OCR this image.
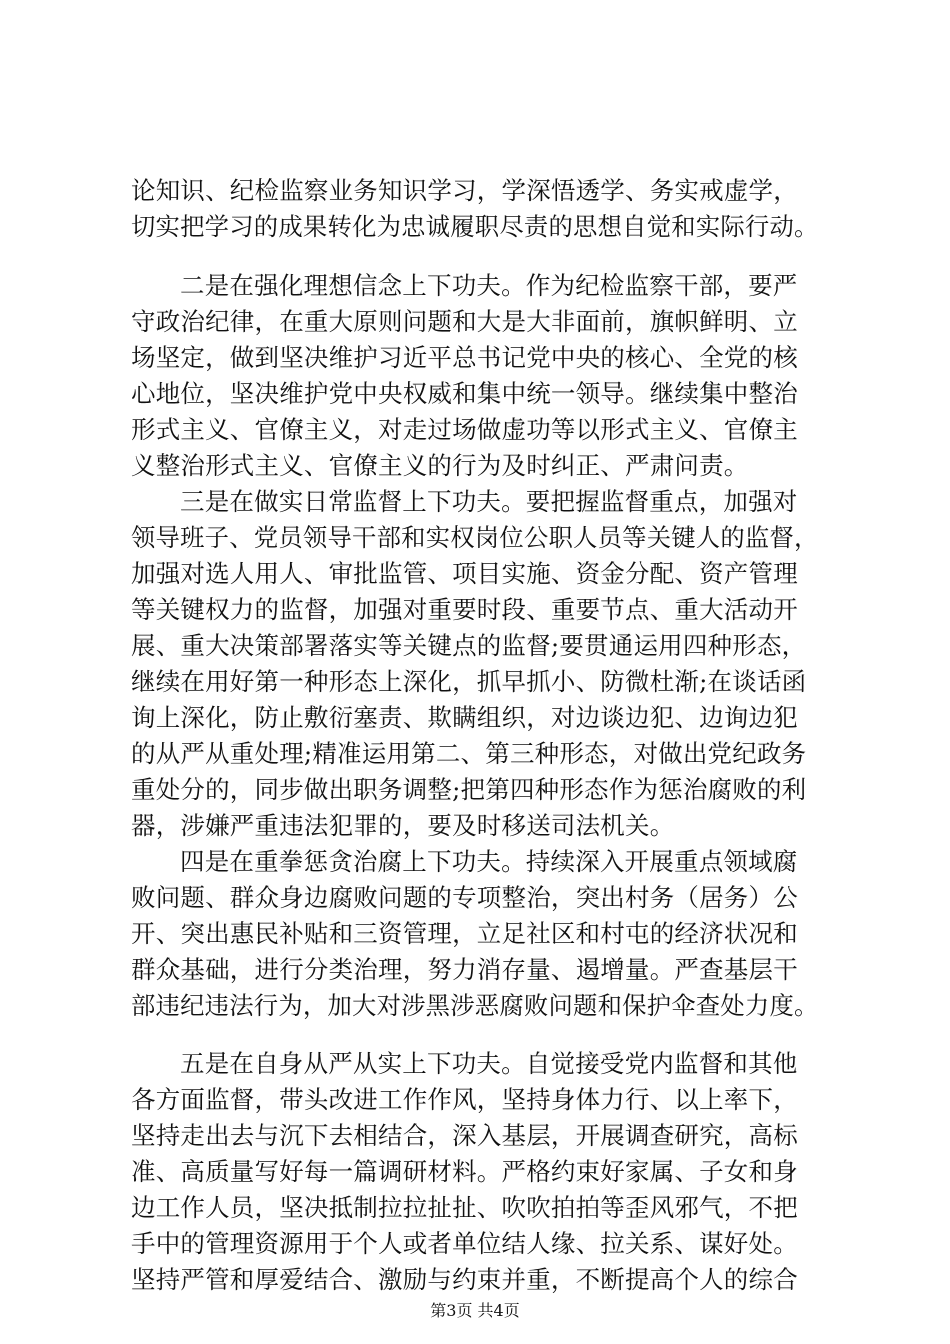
论知识、纪检监察业务知识学习，学深悟透学、务实戒虚学，
切实把学习的成果转化为忠诚履职尽责的思想自觉和实际行动。
二是在强化理想信念上下功夫。作为纪检监察干部，要严
守政治纪律，在重大原则问题和大是大非面前，旗帜鲜明、立
场坚定，做到坚决维护习近平总书记党中央的核心、全党的核
心地位，坚决维护党中央权威和集中统一领导。继续集中整治
形式主义、官僚主义，对走过场做虚功等以形式主义、官僚主
义整治形式主义、官僚主义的行为及时纠正、严肃问责。
三是在做实日常监督上下功夫。要把握监督重点，加强对
领导班子、党员领导干部和实权岗位公职人员等关键人的监督，
加强对选人用人、审批监管、项目实施、资金分配、资产管理
等关键权力的监督，加强对重要时段、重要节点、重大活动开
展、重大决策部署落实等关键点的监督;要贯通运用四种形态，
继续在用好第一种形态上深化，抓早抓小、防微杜渐;在谈话函
询上深化，防止敷衍塞责、欺瞒组织，对边谈边犯、边询边犯
的从严从重处理;精准运用第二、第三种形态，对做出党纪政务
重处分的，同步做出职务调整;把第四种形态作为惩治腐败的利
器，涉嫌严重违法犯罪的，要及时移送司法机关。
四是在重拳惩贪治腐上下功夫。持续深入开展重点领域腐
败问题、群众身边腐败问题的专项整治，突出村务（居务）公
开、突出惠民补贴和三资管理，立足社区和村屯的经济状况和
群众基础，进行分类治理，努力消存量、遏增量。严查基层干
部违纪违法行为，加大对涉黑涉恶腐败问题和保护伞查处力度。
五是在自身从严从实上下功夫。自觉接受党内监督和其他
各方面监督，带头改进工作作风，坚持身体力行、以上率下，
坚持走出去与沉下去相结合，深入基层，开展调查研究，高标
准、高质量写好每一篇调研材料。严格约束好家属、子女和身
边工作人员，坚决抵制拉拉扯扯、吹吹拍拍等歪风邪气，不把
手中的管理资源用于个人或者单位结人缘、拉关系、谋好处。
坚持严管和厚爱结合、激励与约束并重，不断提高个人的综合
第3页 共4页
